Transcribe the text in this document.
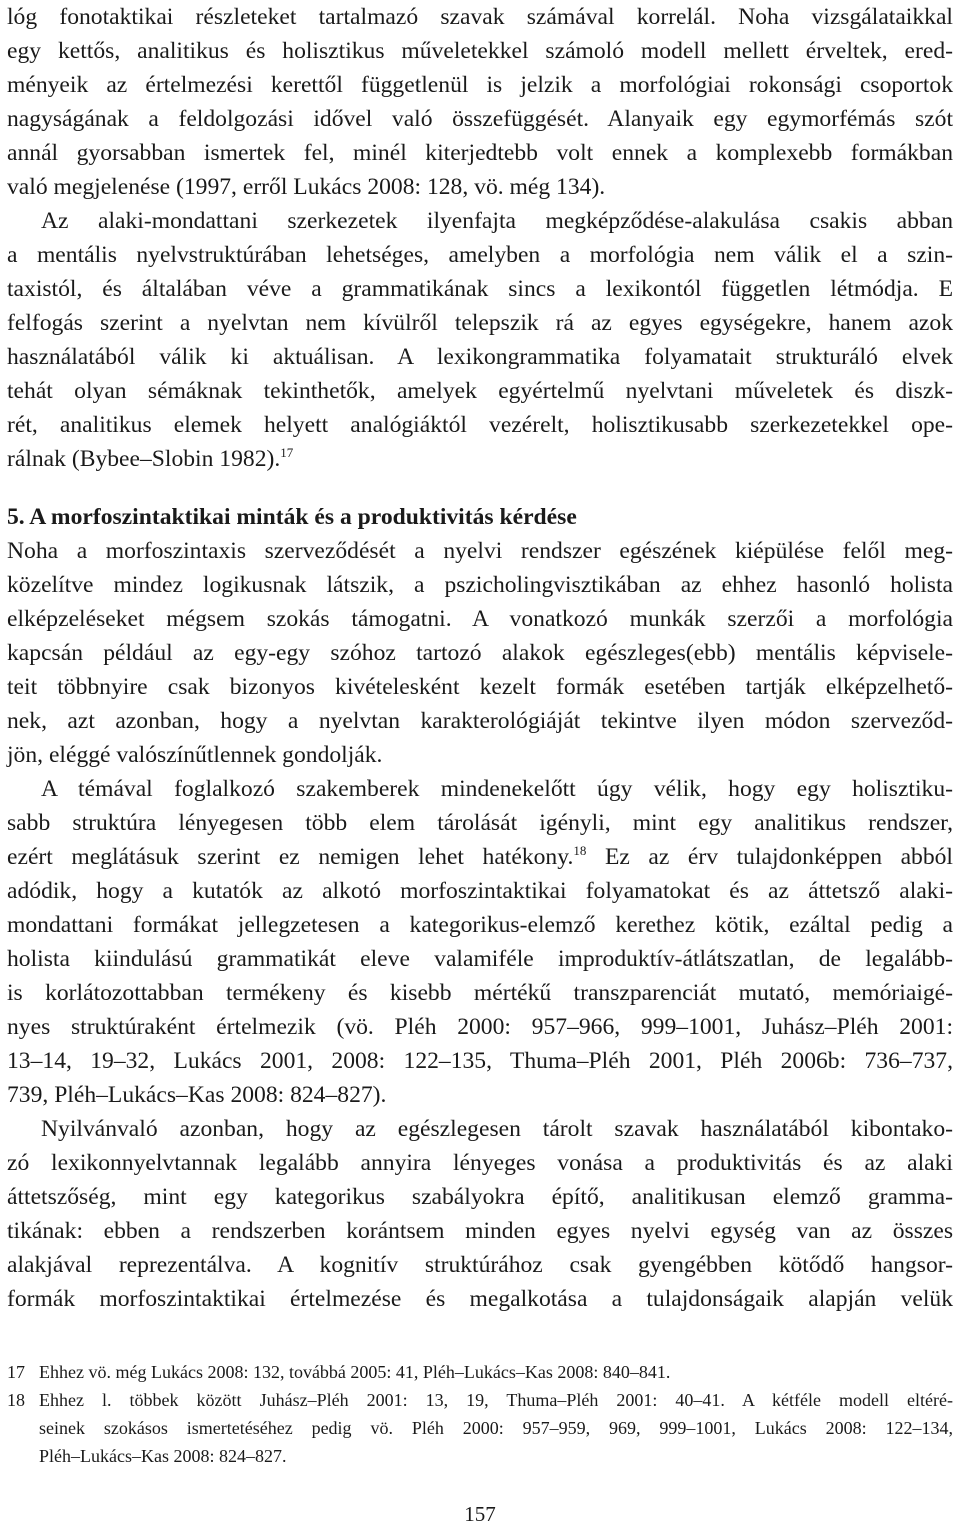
lóg fonotaktikai részleteket tartalmazó szavak számával korrelál. Noha vizsgálataikkal
egy kettős, analitikus és holisztikus műveletekkel számoló modell mellett érveltek, ered-
ményeik az értelmezési kerettől függetlenül is jelzik a morfológiai rokonsági csoportok
nagyságának a feldolgozási idővel való összefüggését. Alanyaik egy egymorfémás szót
annál gyorsabban ismertek fel, minél kiterjedtebb volt ennek a komplexebb formákban
való megjelenése (1997, erről Lukács 2008: 128, vö. még 134).
Az alaki-mondattani szerkezetek ilyenfajta megképződése-alakulása csakis abban
a mentális nyelvstruktúrában lehetséges, amelyben a morfológia nem válik el a szin-
taxistól, és általában véve a grammatikának sincs a lexikontól független létmódja. E
felfogás szerint a nyelvtan nem kívülről telepszik rá az egyes egységekre, hanem azok
használatából válik ki aktuálisan. A lexikongrammatika folyamatait strukturáló elvek
tehát olyan sémáknak tekinthetők, amelyek egyértelmű nyelvtani műveletek és diszk-
rét, analitikus elemek helyett analógiáktól vezérelt, holisztikusabb szerkezetekkel ope-
rálnak (Bybee–Slobin 1982).$^{17}$
5. A morfoszintaktikai minták és a produktivitás kérdése
Noha a morfoszintaxis szerveződését a nyelvi rendszer egészének kiépülése felől meg-
közelítve mindez logikusnak látszik, a pszicholingvisztikában az ehhez hasonló holista
elképzeléseket mégsem szokás támogatni. A vonatkozó munkák szerzői a morfológia
kapcsán például az egy-egy szóhoz tartozó alakok egészleges(ebb) mentális képvisele-
teit többnyire csak bizonyos kivételesként kezelt formák esetében tartják elképzelhető-
nek, azt azonban, hogy a nyelvtan karakterológiáját tekintve ilyen módon szerveződ-
jön, eléggé valószínűtlennek gondolják.
A témával foglalkozó szakemberek mindenekelőtt úgy vélik, hogy egy holisztiku-
sabb struktúra lényegesen több elem tárolását igényli, mint egy analitikus rendszer,
ezért meglátásuk szerint ez nemigen lehet hatékony.$^{18}$ Ez az érv tulajdonképpen abból
adódik, hogy a kutatók az alkotó morfoszintaktikai folyamatokat és az áttetsző alaki-
mondattani formákat jellegzetesen a kategorikus-elemző kerethez kötik, ezáltal pedig a
holista kiindulású grammatikát eleve valamiféle improduktív-átlátszatlan, de legalább-
is korlátozottabban termékeny és kisebb mértékű transzparenciát mutató, memóriaigé-
nyes struktúraként értelmezik (vö. Pléh 2000: 957–966, 999–1001, Juhász–Pléh 2001:
13–14, 19–32, Lukács 2001, 2008: 122–135, Thuma–Pléh 2001, Pléh 2006b: 736–737,
739, Pléh–Lukács–Kas 2008: 824–827).
Nyilvánvaló azonban, hogy az egészlegesen tárolt szavak használatából kibontako-
zó lexikonnyelvtannak legalább annyira lényeges vonása a produktivitás és az alaki
áttetszőség, mint egy kategorikus szabályokra építő, analitikusan elemző gramma-
tikának: ebben a rendszerben korántsem minden egyes nyelvi egység van az összes
alakjával reprezentálva. A kognitív struktúrához csak gyengébben kötődő hangsor-
formák morfoszintaktikai értelmezése és megalkotása a tulajdonságaik alapján velük
17 Ehhez vö. még Lukács 2008: 132, továbbá 2005: 41, Pléh–Lukács–Kas 2008: 840–841.
18 Ehhez l. többek között Juhász–Pléh 2001: 13, 19, Thuma–Pléh 2001: 40–41. A kétféle modell eltéré-
seinek szokásos ismertetéséhez pedig vö. Pléh 2000: 957–959, 969, 999–1001, Lukács 2008: 122–134,
Pléh–Lukács–Kas 2008: 824–827.
157
